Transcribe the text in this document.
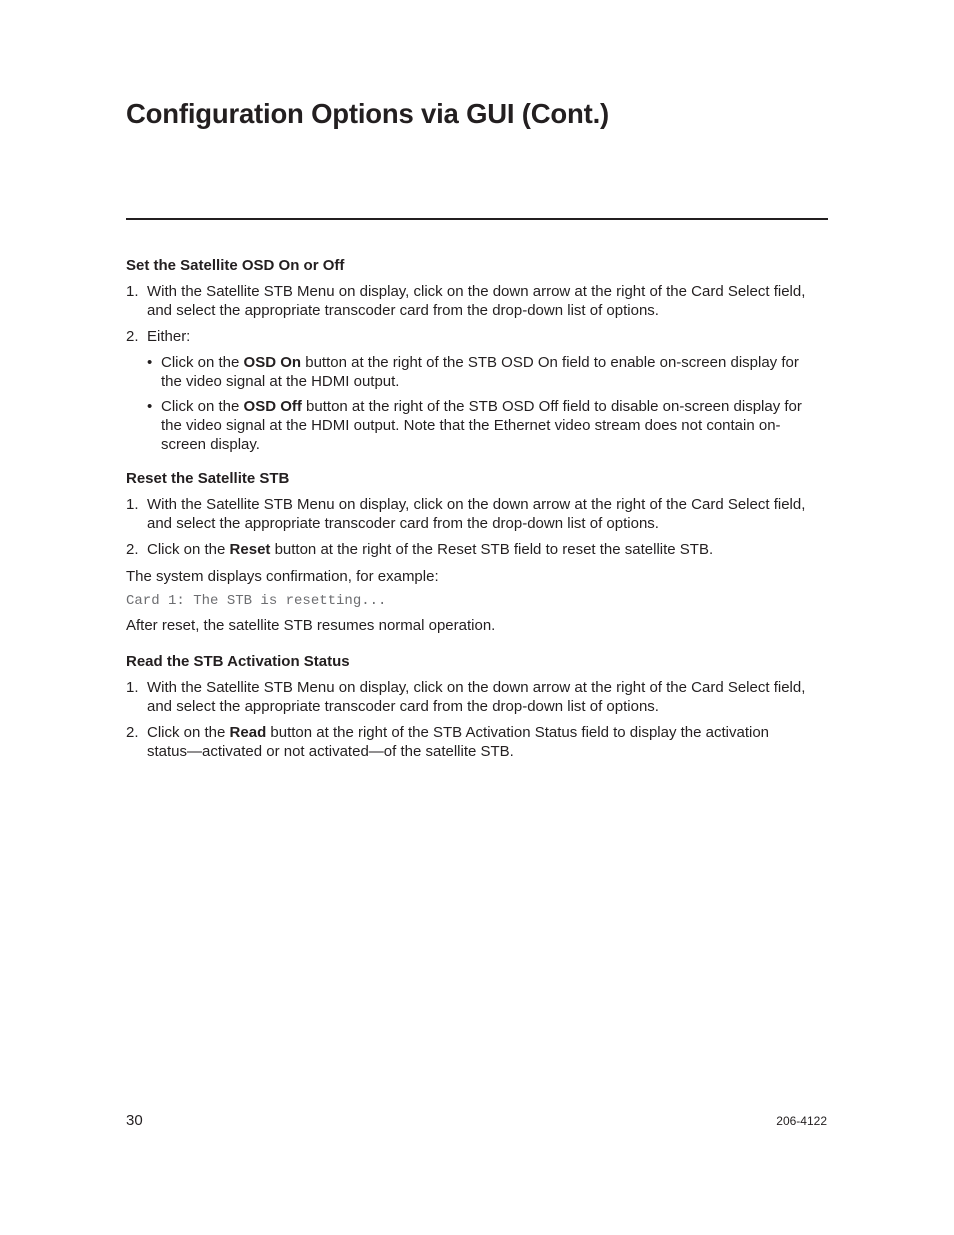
Configuration Options via GUI (Cont.)
Set the Satellite OSD On or Off
1. With the Satellite STB Menu on display, click on the down arrow at the right of the Card Select field, and select the appropriate transcoder card from the drop-down list of options.
2. Either:
• Click on the OSD On button at the right of the STB OSD On field to enable on-screen display for the video signal at the HDMI output.
• Click on the OSD Off button at the right of the STB OSD Off field to disable on-screen display for the video signal at the HDMI output. Note that the Ethernet video stream does not contain on-screen display.
Reset the Satellite STB
1. With the Satellite STB Menu on display, click on the down arrow at the right of the Card Select field, and select the appropriate transcoder card from the drop-down list of options.
2. Click on the Reset button at the right of the Reset STB field to reset the satellite STB.
The system displays confirmation, for example:
Card 1: The STB is resetting...
After reset, the satellite STB resumes normal operation.
Read the STB Activation Status
1. With the Satellite STB Menu on display, click on the down arrow at the right of the Card Select field, and select the appropriate transcoder card from the drop-down list of options.
2. Click on the Read button at the right of the STB Activation Status field to display the activation status—activated or not activated—of the satellite STB.
30	206-4122
